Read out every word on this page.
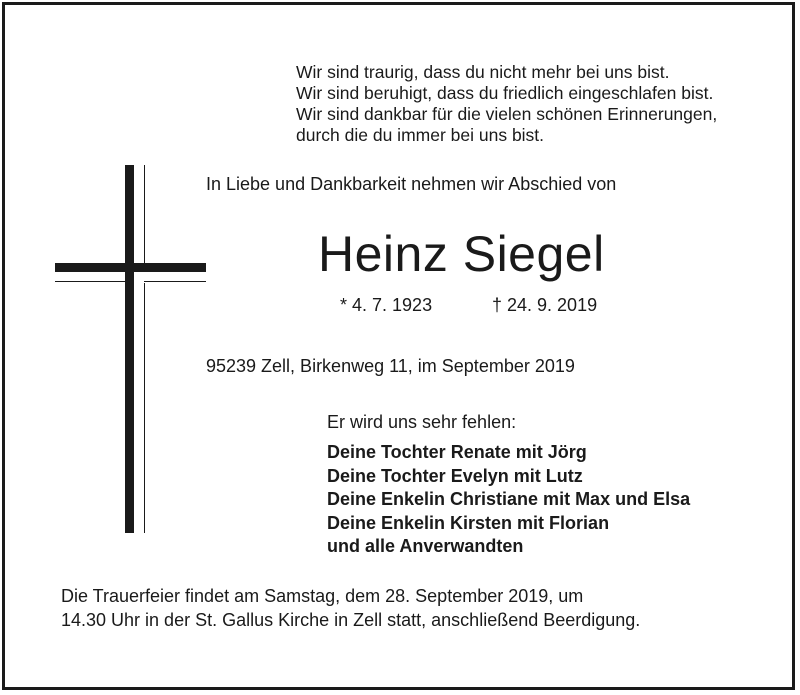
Wir sind traurig, dass du nicht mehr bei uns bist.
Wir sind beruhigt, dass du friedlich eingeschlafen bist.
Wir sind dankbar für die vielen schönen Erinnerungen,
durch die du immer bei uns bist.
In Liebe und Dankbarkeit nehmen wir Abschied von
Heinz Siegel
* 4. 7. 1923	† 24. 9. 2019
95239 Zell, Birkenweg 11, im September 2019
Er wird uns sehr fehlen:
Deine Tochter Renate mit Jörg
Deine Tochter Evelyn mit Lutz
Deine Enkelin Christiane mit Max und Elsa
Deine Enkelin Kirsten mit Florian
und alle Anverwandten
Die Trauerfeier findet am Samstag, dem 28. September 2019, um
14.30 Uhr in der St. Gallus Kirche in Zell statt, anschließend Beerdigung.
